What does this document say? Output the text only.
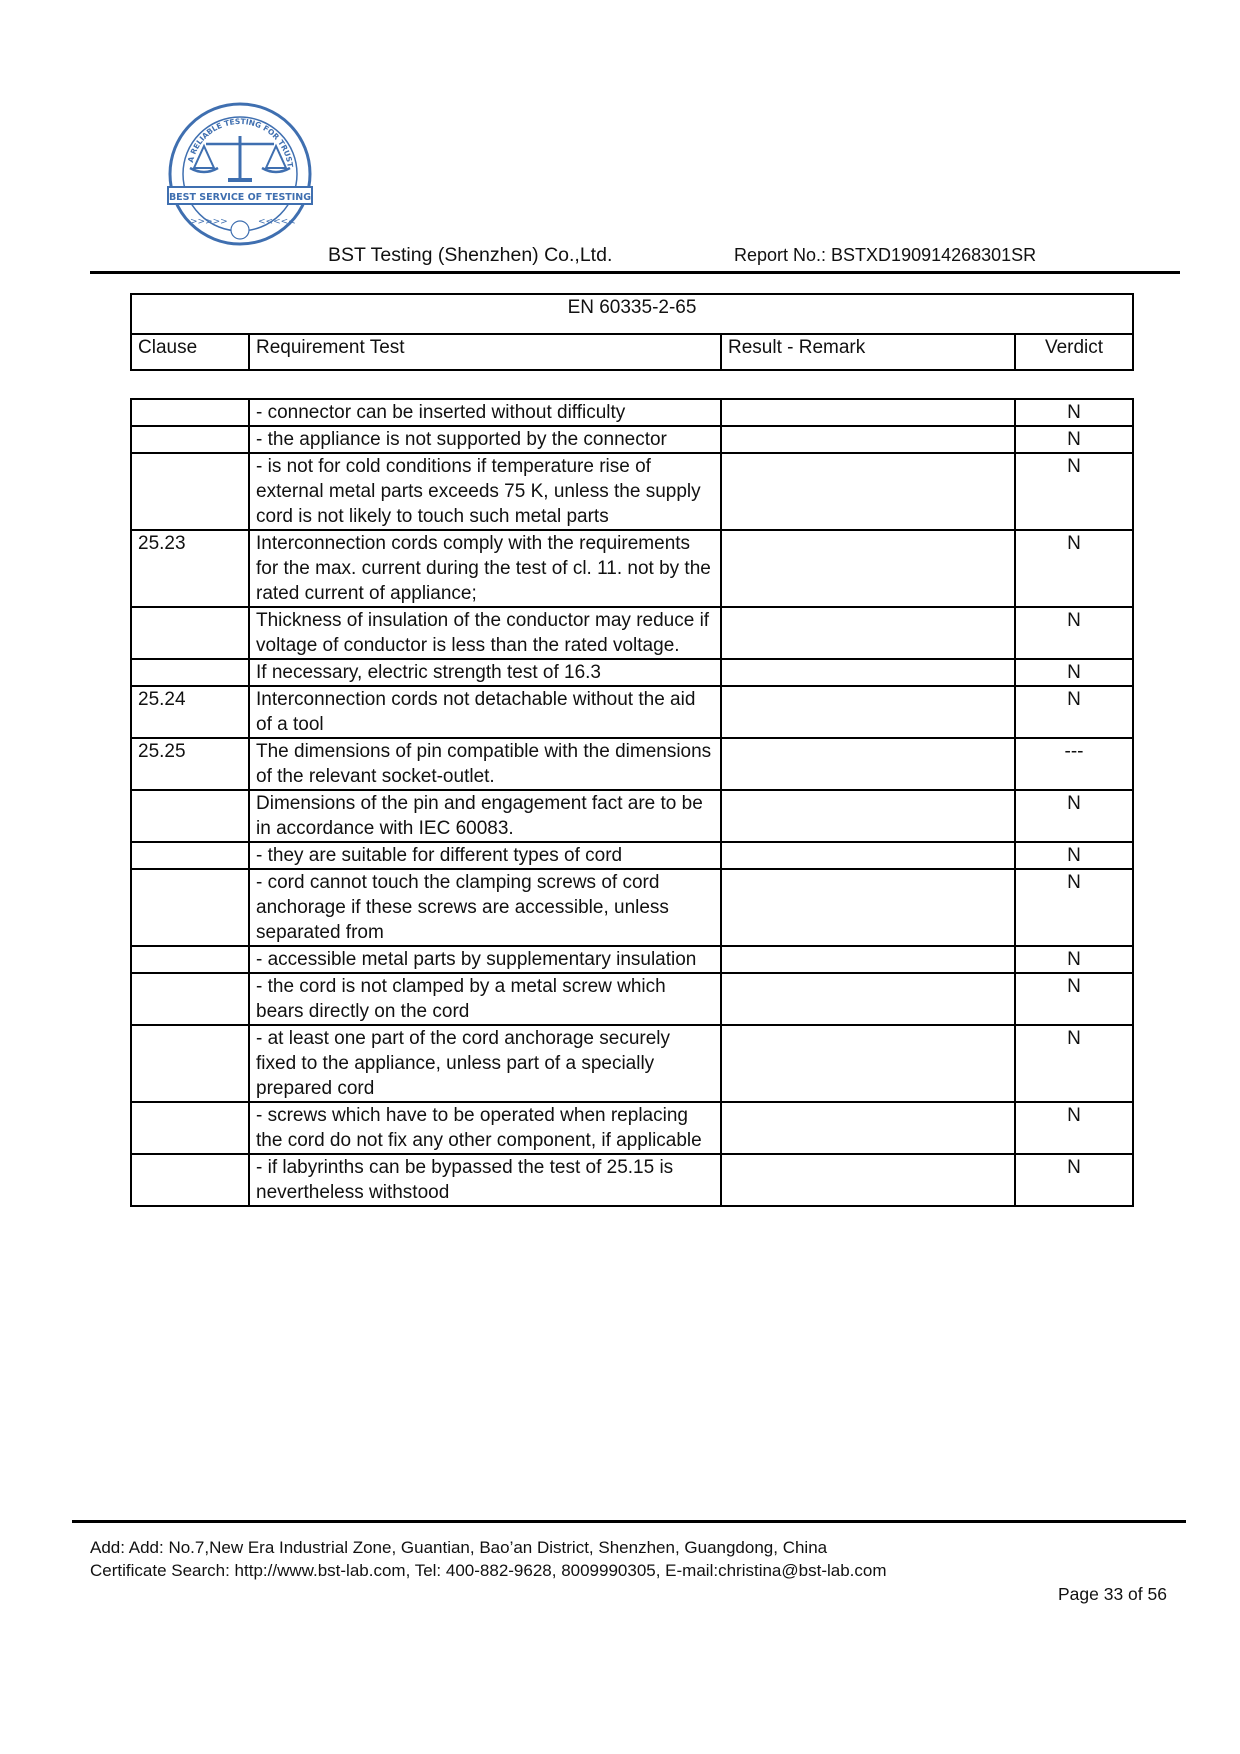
A RELIABLE TESTING FOR TRUST
BEST SERVICE OF TESTING
>>>>>	<<<<<
BST Testing (Shenzhen) Co.,Ltd.	Report No.: BSTXD190914268301SR
EN 60335-2-65
Clause	Requirement Test	Result - Remark	Verdict
	- connector can be inserted without difficulty		N
	- the appliance is not supported by the connector		N
	- is not for cold conditions if temperature rise of external metal parts exceeds 75 K, unless the supply cord is not likely to touch such metal parts		N
25.23	Interconnection cords comply with the requirements for the max. current during the test of cl. 11. not by the rated current of appliance;		N
	Thickness of insulation of the conductor may reduce if voltage of conductor is less than the rated voltage.		N
	If necessary, electric strength test of 16.3		N
25.24	Interconnection cords not detachable without the aid of a tool		N
25.25	The dimensions of pin compatible with the dimensions of the relevant socket-outlet.		---
	Dimensions of the pin and engagement fact are to be in accordance with IEC 60083.		N
	- they are suitable for different types of cord		N
	- cord cannot touch the clamping screws of cord anchorage if these screws are accessible, unless separated from		N
	- accessible metal parts by supplementary insulation		N
	- the cord is not clamped by a metal screw which bears directly on the cord		N
	- at least one part of the cord anchorage securely fixed to the appliance, unless part of a specially prepared cord		N
	- screws which have to be operated when replacing the cord do not fix any other component, if applicable		N
	- if labyrinths can be bypassed the test of 25.15 is nevertheless withstood		N
Add: Add: No.7,New Era Industrial Zone, Guantian, Bao’an District, Shenzhen, Guangdong, China
Certificate Search: http://www.bst-lab.com, Tel: 400-882-9628, 8009990305, E-mail:christina@bst-lab.com
Page 33 of 56
